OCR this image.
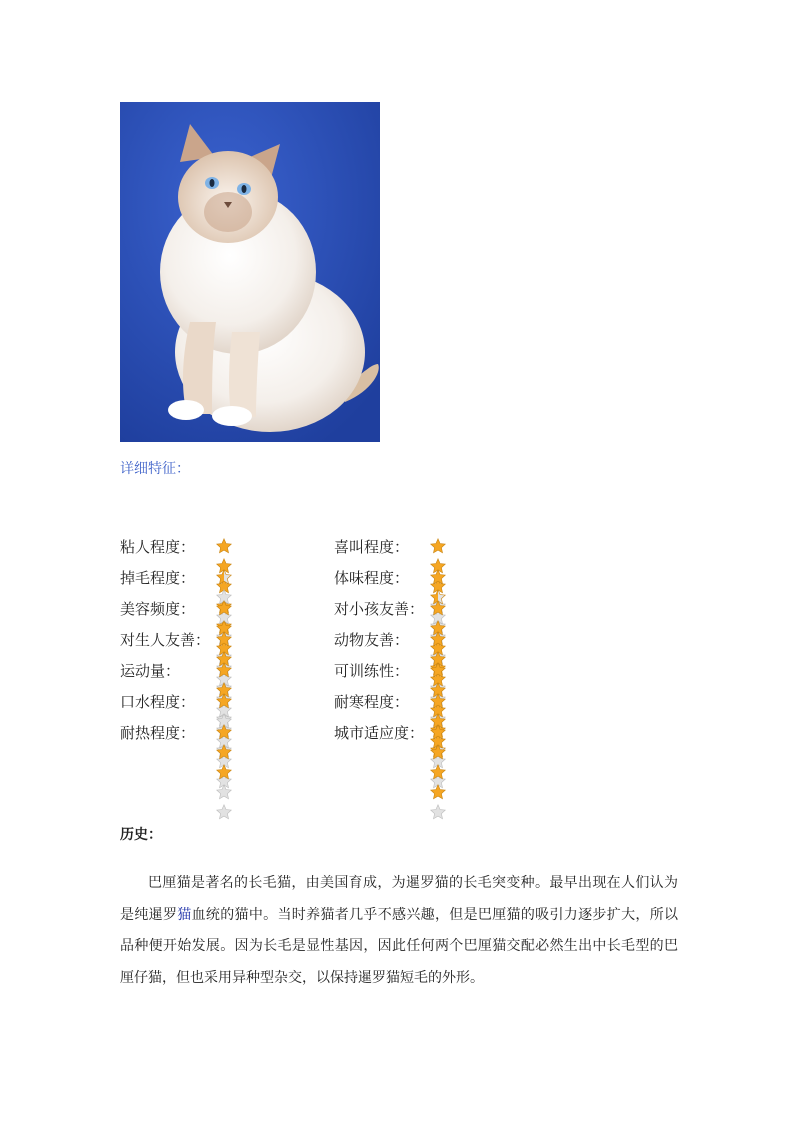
详细特征：
粘人程度：	喜叫程度：
掉毛程度：	体味程度：
美容频度：	对小孩友善：
对生人友善：	动物友善：
运动量：	可训练性：
口水程度：	耐寒程度：
耐热程度：	城市适应度：
历史：
巴厘猫是著名的长毛猫，由美国育成，为暹罗猫的长毛突变种。最早出现在人们认为是纯暹罗猫血统的猫中。当时养猫者几乎不感兴趣，但是巴厘猫的吸引力逐步扩大，所以品种便开始发展。因为长毛是显性基因，因此任何两个巴厘猫交配必然生出中长毛型的巴厘仔猫，但也采用异种型杂交，以保持暹罗猫短毛的外形。
